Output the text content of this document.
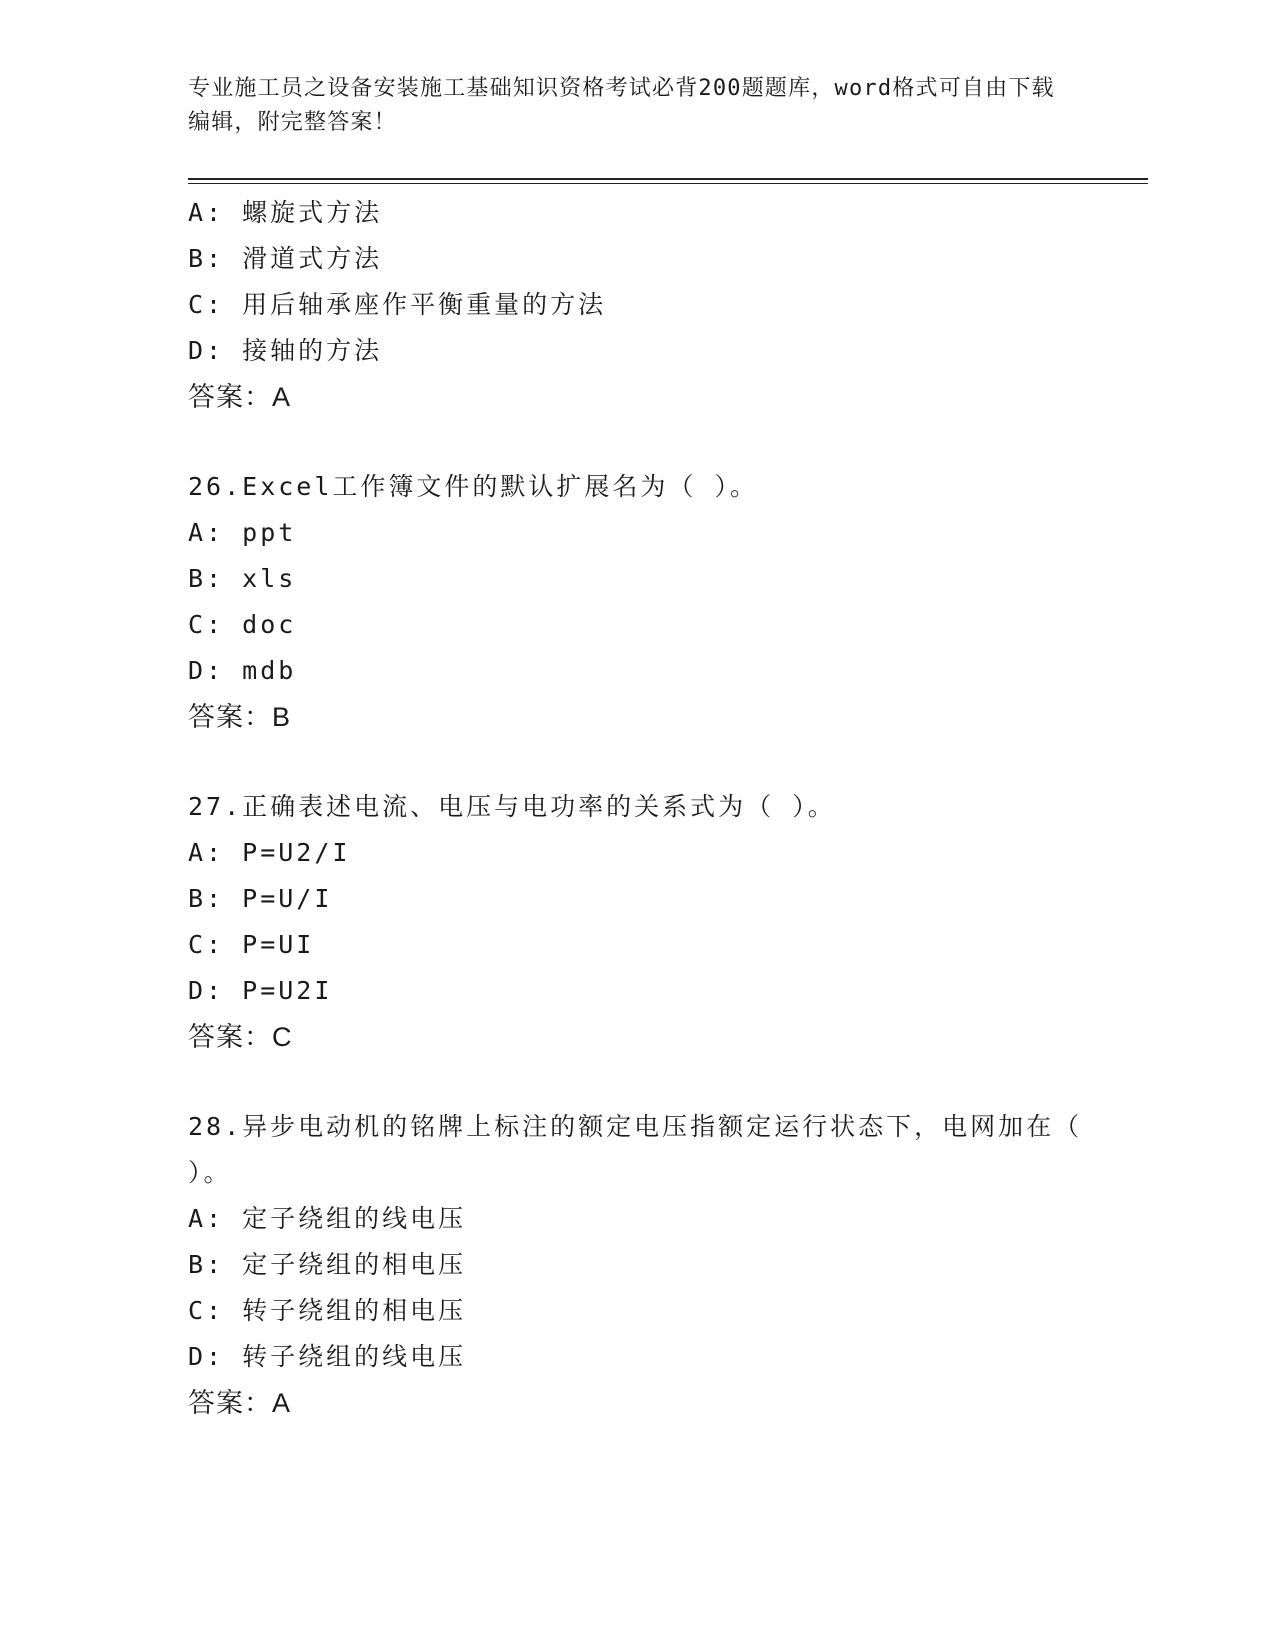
专业施工员之设备安装施工基础知识资格考试必背200题题库，word格式可自由下载编辑，附完整答案！
A: 螺旋式方法
B: 滑道式方法
C: 用后轴承座作平衡重量的方法
D: 接轴的方法
答案：A
26.Excel工作簿文件的默认扩展名为（ ）。
A: ppt
B: xls
C: doc
D: mdb
答案：B
27.正确表述电流、电压与电功率的关系式为（ ）。
A: P=U2/I
B: P=U/I
C: P=UI
D: P=U2I
答案：C
28.异步电动机的铭牌上标注的额定电压指额定运行状态下，电网加在（ ）。
A: 定子绕组的线电压
B: 定子绕组的相电压
C: 转子绕组的相电压
D: 转子绕组的线电压
答案：A
